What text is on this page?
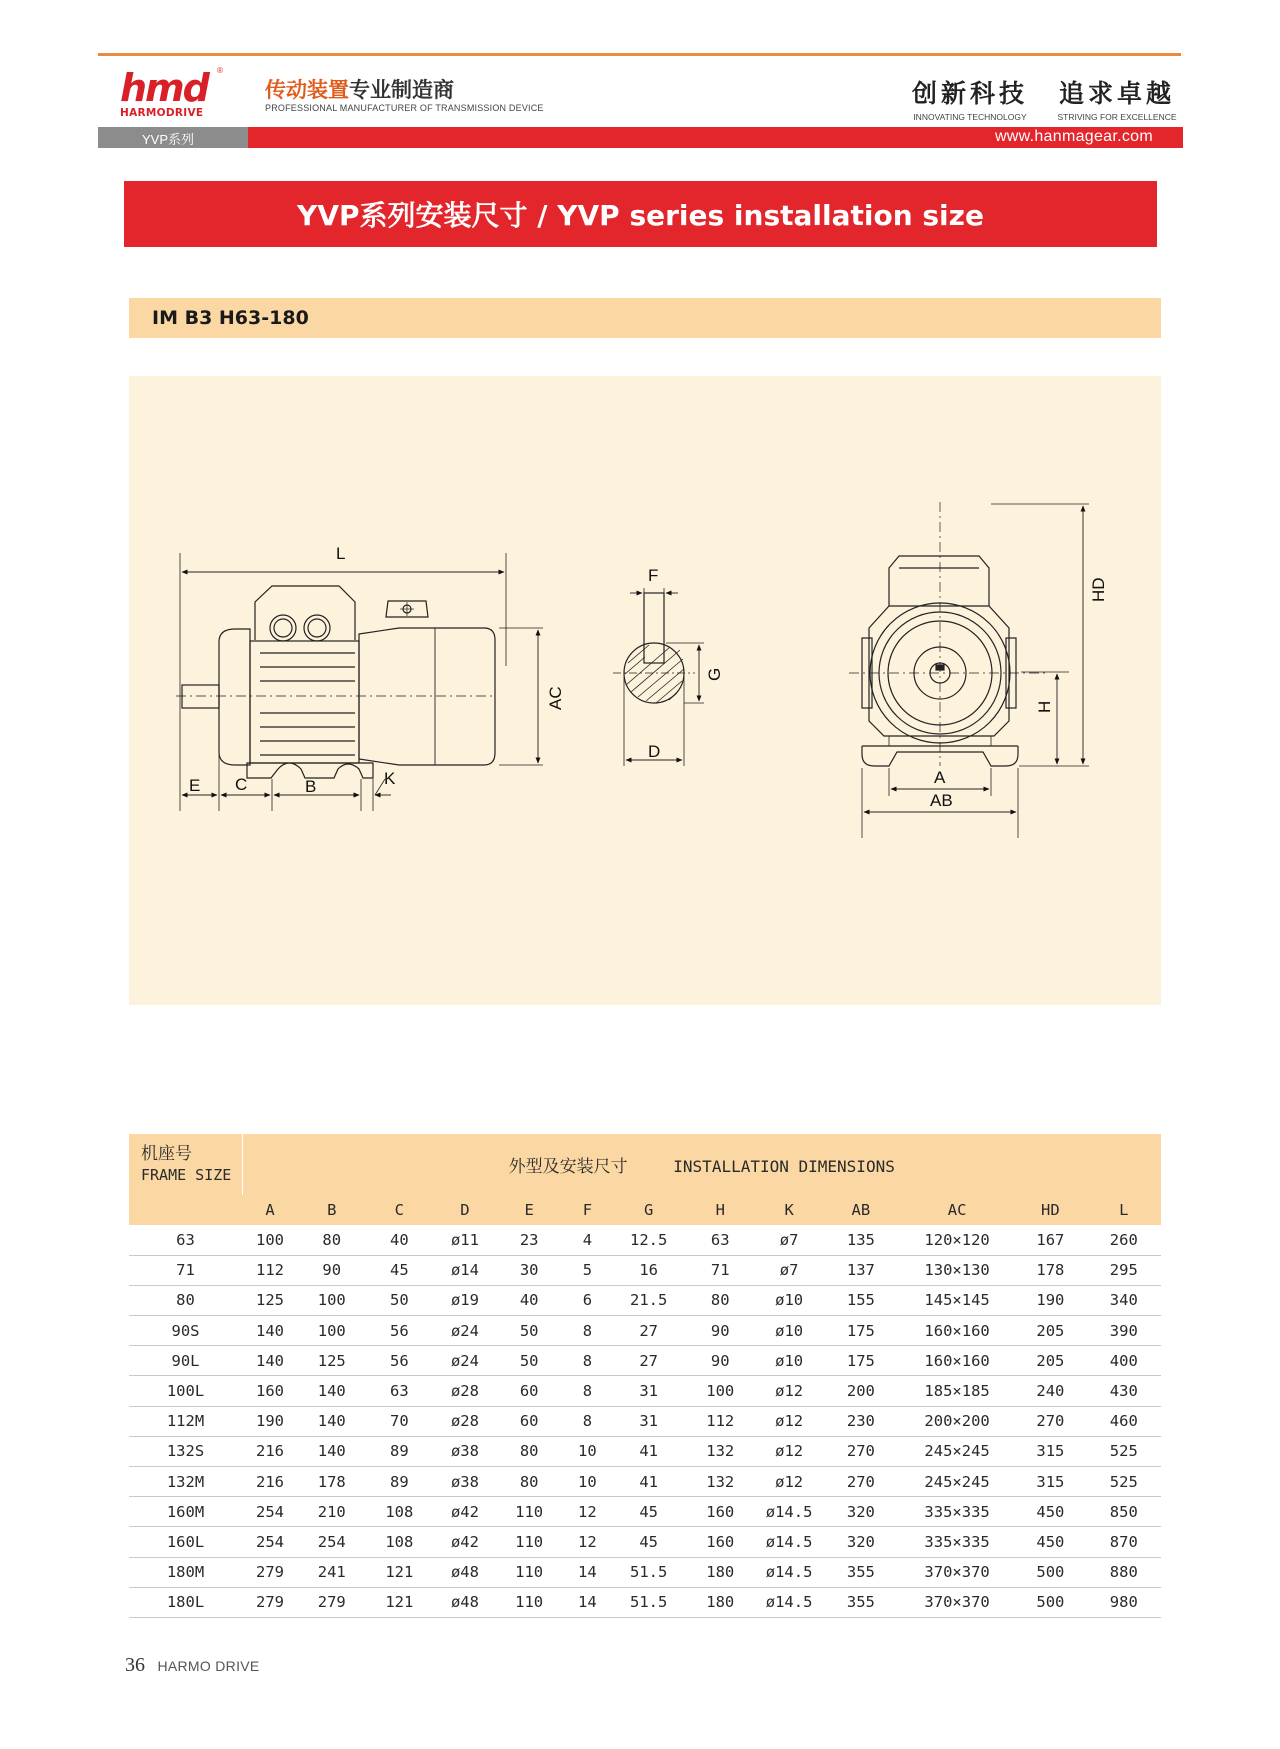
hmd
HARMODRIVE
®
传动装置专业制造商
PROFESSIONAL MANUFACTURER OF TRANSMISSION DEVICE	创新科技
INNOVATING TECHNOLOGY
追求卓越
STRIVING FOR EXCELLENCE
YVP系列	www.hanmagear.com
YVP系列安装尺寸 / YVP series installation size
IM B3 H63-180
L
AC
E C	B	K
F
G
D
HD
H
A
AB
机座号
FRAME SIZE	外型及安装尺寸 INSTALLATION DIMENSIONS												
	A	B	C	D	E	F	G	H	K	AB	AC	HD	L
63	100	80	40	ø11	23	4	12.5	63	ø7	135	120×120	167	260
71	112	90	45	ø14	30	5	16	71	ø7	137	130×130	178	295
80	125	100	50	ø19	40	6	21.5	80	ø10	155	145×145	190	340
90S	140	100	56	ø24	50	8	27	90	ø10	175	160×160	205	390
90L	140	125	56	ø24	50	8	27	90	ø10	175	160×160	205	400
100L	160	140	63	ø28	60	8	31	100	ø12	200	185×185	240	430
112M	190	140	70	ø28	60	8	31	112	ø12	230	200×200	270	460
132S	216	140	89	ø38	80	10	41	132	ø12	270	245×245	315	525
132M	216	178	89	ø38	80	10	41	132	ø12	270	245×245	315	525
160M	254	210	108	ø42	110	12	45	160	ø14.5	320	335×335	450	850
160L	254	254	108	ø42	110	12	45	160	ø14.5	320	335×335	450	870
180M	279	241	121	ø48	110	14	51.5	180	ø14.5	355	370×370	500	880
180L	279	279	121	ø48	110	14	51.5	180	ø14.5	355	370×370	500	980
36 HARMO DRIVE
